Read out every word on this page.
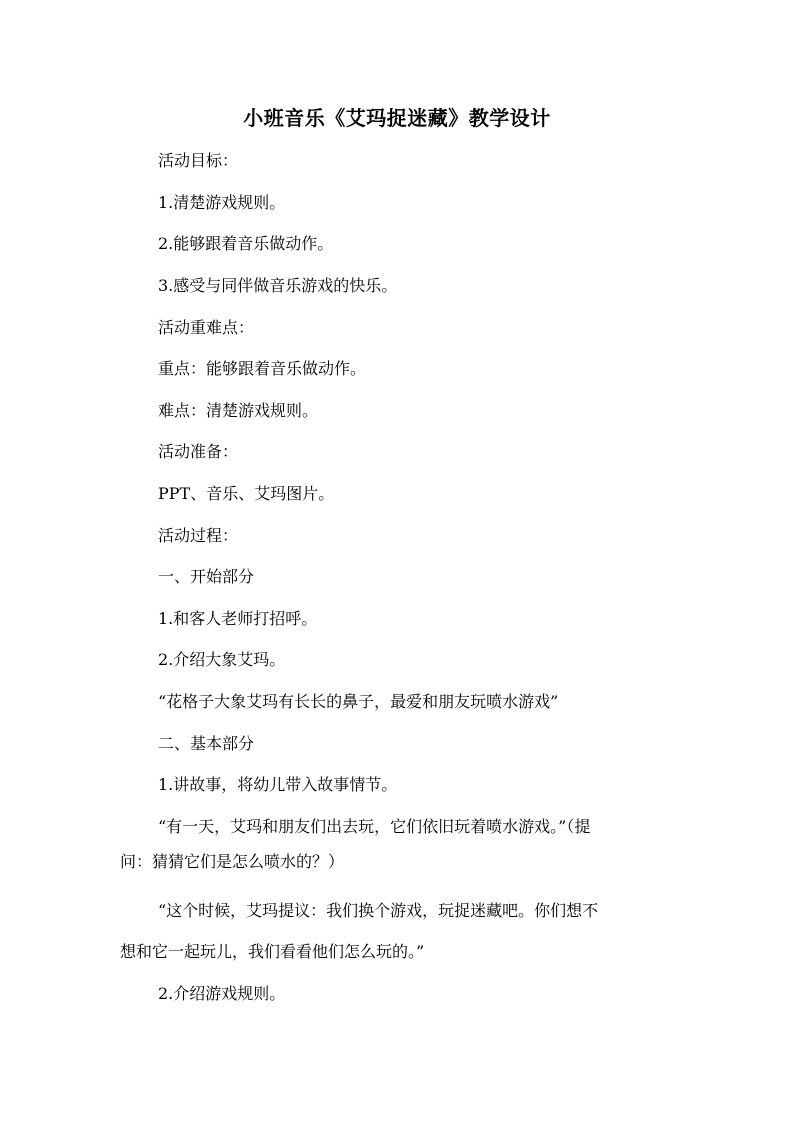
小班音乐《艾玛捉迷藏》教学设计
活动目标：
1.清楚游戏规则。
2.能够跟着音乐做动作。
3.感受与同伴做音乐游戏的快乐。
活动重难点：
重点：能够跟着音乐做动作。
难点：清楚游戏规则。
活动准备：
PPT、音乐、艾玛图片。
活动过程：
一、开始部分
1.和客人老师打招呼。
2.介绍大象艾玛。
“花格子大象艾玛有长长的鼻子，最爱和朋友玩喷水游戏”
二、基本部分
1.讲故事，将幼儿带入故事情节。
“有一天，艾玛和朋友们出去玩，它们依旧玩着喷水游戏。”（提
问：猜猜它们是怎么喷水的？）
“这个时候，艾玛提议：我们换个游戏，玩捉迷藏吧。你们想不
想和它一起玩儿，我们看看他们怎么玩的。”
2.介绍游戏规则。
